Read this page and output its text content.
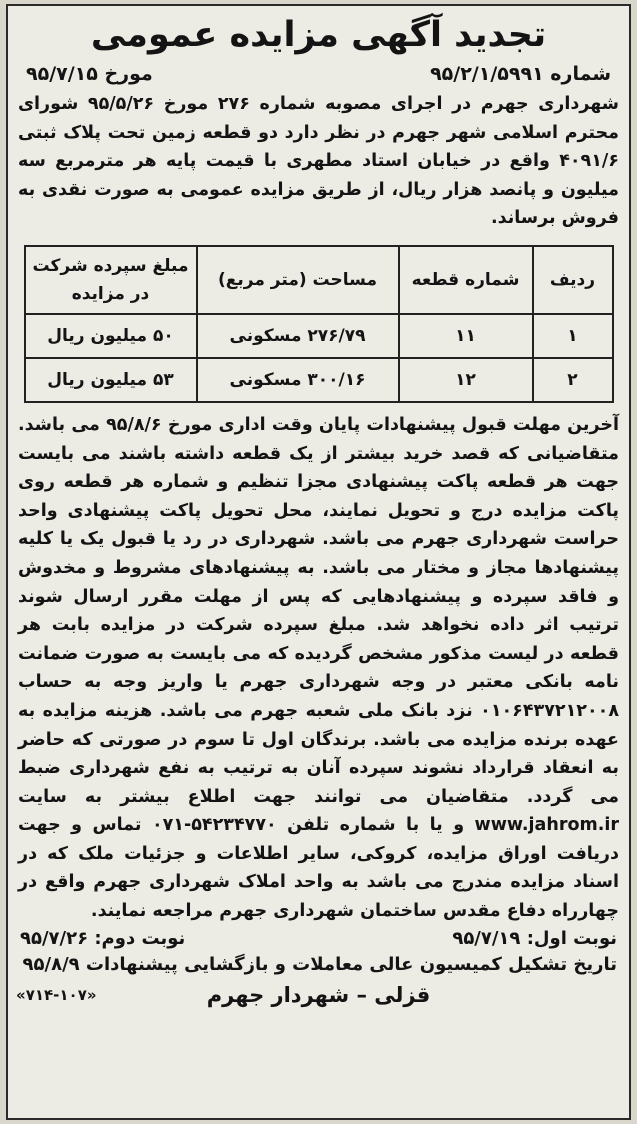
تجدید آگهی مزایده عمومی
شماره ۹۵/۲/۱/۵۹۹۱
مورخ ۹۵/۷/۱۵
شهرداری جهرم در اجرای مصوبه شماره ۲۷۶ مورخ ۹۵/۵/۲۶ شورای محترم اسلامی شهر جهرم در نظر دارد دو قطعه زمین تحت پلاک ثبتی ۴۰۹۱/۶ واقع در خیابان استاد مطهری با قیمت پایه هر مترمربع سه میلیون و پانصد هزار ریال، از طریق مزایده عمومی به صورت نقدی به فروش برساند.
ردیف	شماره قطعه	مساحت (متر مربع)	مبلغ سپرده شرکت در مزایده
۱	۱۱	۲۷۶/۷۹ مسکونی	۵۰ میلیون ریال
۲	۱۲	۳۰۰/۱۶ مسکونی	۵۳ میلیون ریال
آخرین مهلت قبول پیشنهادات پایان وقت اداری مورخ ۹۵/۸/۶ می باشد. متقاضیانی که قصد خرید بیشتر از یک قطعه داشته باشند می بایست جهت هر قطعه پاکت پیشنهادی مجزا تنظیم و شماره هر قطعه روی پاکت مزایده درج و تحویل نمایند، محل تحویل پاکت پیشنهادی واحد حراست شهرداری جهرم می باشد. شهرداری در رد یا قبول یک یا کلیه پیشنهادها مجاز و مختار می باشد. به پیشنهادهای مشروط و مخدوش و فاقد سپرده و پیشنهادهایی که پس از مهلت مقرر ارسال شوند ترتیب اثر داده نخواهد شد. مبلغ سپرده شرکت در مزایده بابت هر قطعه در لیست مذکور مشخص گردیده که می بایست به صورت ضمانت نامه بانکی معتبر در وجه شهرداری جهرم یا واریز وجه به حساب ۰۱۰۶۴۳۷۲۱۲۰۰۸ نزد بانک ملی شعبه جهرم می باشد. هزینه مزایده به عهده برنده مزایده می باشد. برندگان اول تا سوم در صورتی که حاضر به انعقاد قرارداد نشوند سپرده آنان به ترتیب به نفع شهرداری ضبط می گردد. متقاضیان می توانند جهت اطلاع بیشتر به سایت www.jahrom.ir و یا با شماره تلفن ۵۴۲۳۴۷۷۰-۰۷۱ تماس و جهت دریافت اوراق مزایده، کروکی، سایر اطلاعات و جزئیات ملک که در اسناد مزایده مندرج می باشد به واحد املاک شهرداری جهرم واقع در چهارراه دفاع مقدس ساختمان شهرداری جهرم مراجعه نمایند.
نوبت اول: ۹۵/۷/۱۹
نوبت دوم: ۹۵/۷/۲۶
تاریخ تشکیل کمیسیون عالی معاملات و بازگشایی پیشنهادات ۹۵/۸/۹
قزلی – شهردار جهرم
«۷۱۴-۱۰۷»
